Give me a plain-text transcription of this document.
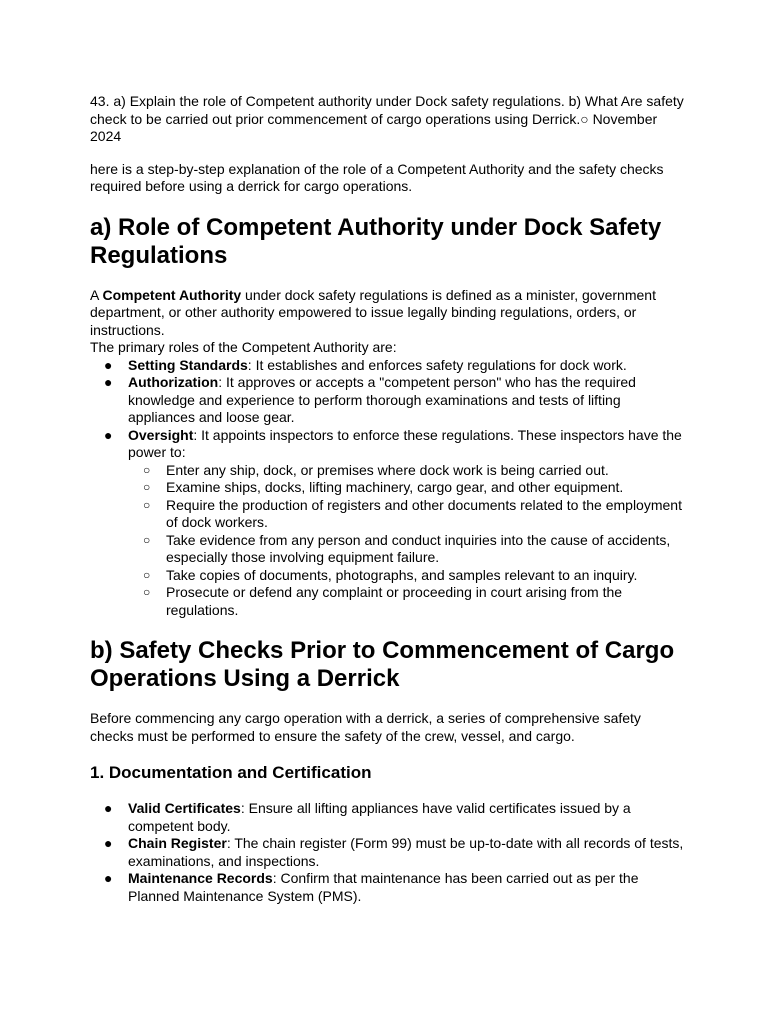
43. a) Explain the role of Competent authority under Dock safety regulations. b) What Are safety check to be carried out prior commencement of cargo operations using Derrick.○ November 2024

here is a step-by-step explanation of the role of a Competent Authority and the safety checks required before using a derrick for cargo operations.

a) Role of Competent Authority under Dock Safety Regulations

A Competent Authority under dock safety regulations is defined as a minister, government department, or other authority empowered to issue legally binding regulations, orders, or instructions.

The primary roles of the Competent Authority are:

● Setting Standards: It establishes and enforces safety regulations for dock work.
● Authorization: It approves or accepts a "competent person" who has the required knowledge and experience to perform thorough examinations and tests of lifting appliances and loose gear.
● Oversight: It appoints inspectors to enforce these regulations. These inspectors have the power to:
○ Enter any ship, dock, or premises where dock work is being carried out.
○ Examine ships, docks, lifting machinery, cargo gear, and other equipment.
○ Require the production of registers and other documents related to the employment of dock workers.
○ Take evidence from any person and conduct inquiries into the cause of accidents, especially those involving equipment failure.
○ Take copies of documents, photographs, and samples relevant to an inquiry.
○ Prosecute or defend any complaint or proceeding in court arising from the regulations.
b) Safety Checks Prior to Commencement of Cargo Operations Using a Derrick

Before commencing any cargo operation with a derrick, a series of comprehensive safety checks must be performed to ensure the safety of the crew, vessel, and cargo.

1. Documentation and Certification
● Valid Certificates: Ensure all lifting appliances have valid certificates issued by a competent body.
● Chain Register: The chain register (Form 99) must be up-to-date with all records of tests, examinations, and inspections.
● Maintenance Records: Confirm that maintenance has been carried out as per the Planned Maintenance System (PMS).
